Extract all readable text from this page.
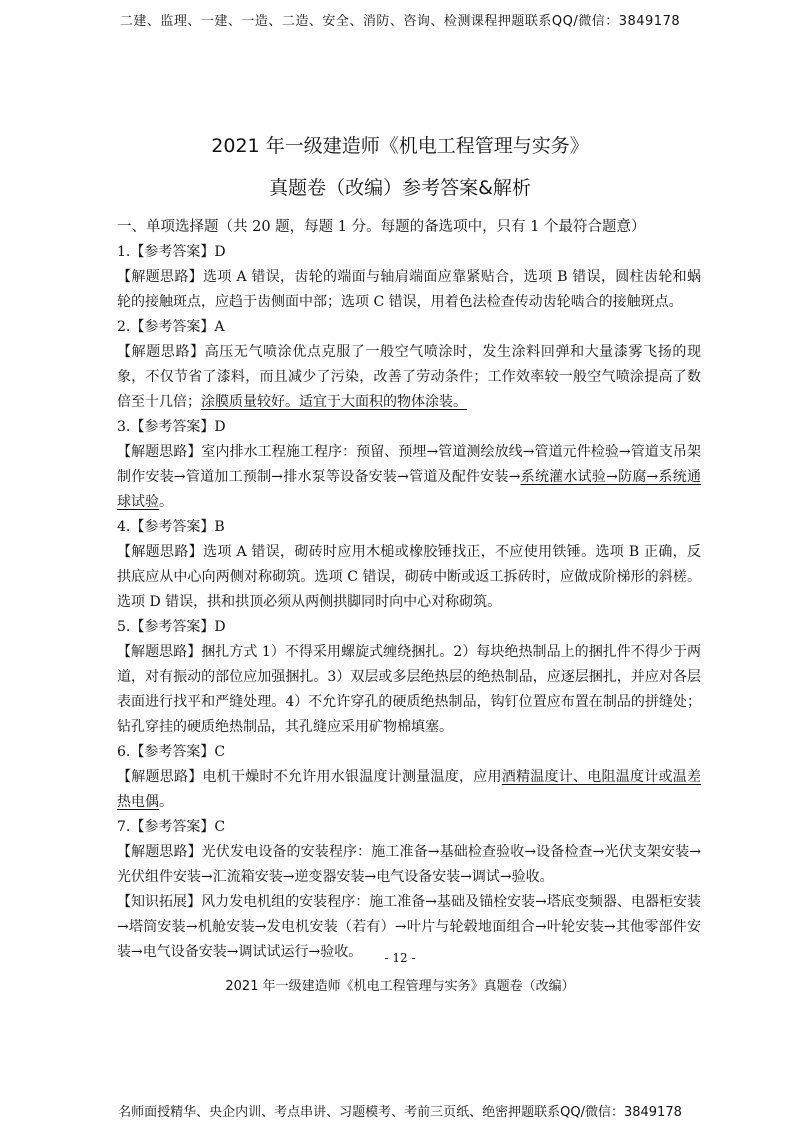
二建、监理、一建、一造、二造、安全、消防、咨询、检测课程押题联系QQ/微信：3849178
2021 年一级建造师《机电工程管理与实务》
真题卷（改编）参考答案&解析

一、单项选择题（共 20 题，每题 1 分。每题的备选项中，只有 1 个最符合题意）

1.【参考答案】D

【解题思路】选项 A 错误，齿轮的端面与轴肩端面应靠紧贴合，选项 B 错误，圆柱齿轮和蜗轮的接触斑点，应趋于齿侧面中部；选项 C 错误，用着色法检查传动齿轮啮合的接触斑点。

2.【参考答案】A

【解题思路】高压无气喷涂优点克服了一般空气喷涂时，发生涂料回弹和大量漆雾飞扬的现象，不仅节省了漆料，而且减少了污染，改善了劳动条件；工作效率较一般空气喷涂提高了数倍至十几倍；涂膜质量较好。适宜于大面积的物体涂装。

3.【参考答案】D

【解题思路】室内排水工程施工程序：预留、预埋→管道测绘放线→管道元件检验→管道支吊架制作安装→管道加工预制→排水泵等设备安装→管道及配件安装→系统灌水试验→防腐→系统通球试验。

4.【参考答案】B

【解题思路】选项 A 错误，砌砖时应用木槌或橡胶锤找正，不应使用铁锤。选项 B 正确，反拱底应从中心向两侧对称砌筑。选项 C 错误，砌砖中断或返工拆砖时，应做成阶梯形的斜槎。选项 D 错误，拱和拱顶必须从两侧拱脚同时向中心对称砌筑。

5.【参考答案】D

【解题思路】捆扎方式 1）不得采用螺旋式缠绕捆扎。2）每块绝热制品上的捆扎件不得少于两道，对有振动的部位应加强捆扎。3）双层或多层绝热层的绝热制品，应逐层捆扎，并应对各层表面进行找平和严缝处理。4）不允许穿孔的硬质绝热制品，钩钉位置应布置在制品的拼缝处；钻孔穿挂的硬质绝热制品，其孔缝应采用矿物棉填塞。

6.【参考答案】C

【解题思路】电机干燥时不允许用水银温度计测量温度，应用酒精温度计、电阻温度计或温差热电偶。

7.【参考答案】C

【解题思路】光伏发电设备的安装程序：施工准备→基础检查验收→设备检查→光伏支架安装→光伏组件安装→汇流箱安装→逆变器安装→电气设备安装→调试→验收。

【知识拓展】风力发电机组的安装程序：施工准备→基础及锚栓安装→塔底变频器、电器柜安装→塔筒安装→机舱安装→发电机安装（若有）→叶片与轮毂地面组合→叶轮安装→其他零部件安装→电气设备安装→调试试运行→验收。	- 12 -
2021 年一级建造师《机电工程管理与实务》真题卷（改编）
名师面授精华、央企内训、考点串讲、习题模考、考前三页纸、绝密押题联系QQ/微信：3849178
